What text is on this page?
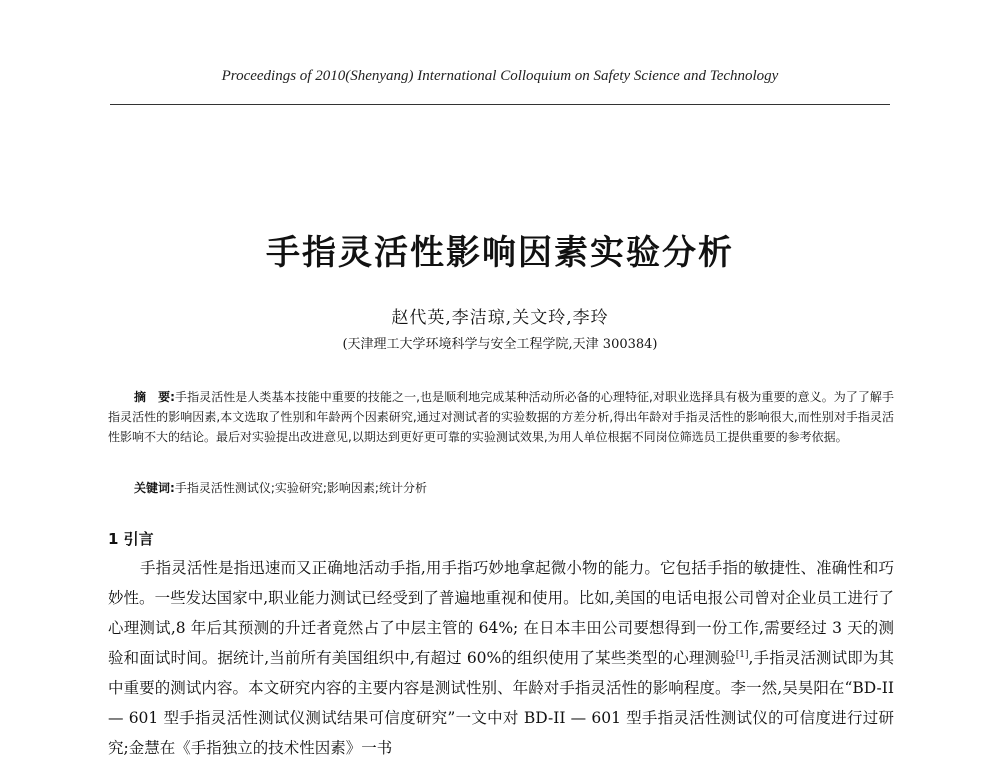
Proceedings of 2010(Shenyang) International Colloquium on Safety Science and Technology
手指灵活性影响因素实验分析
赵代英,李洁琼,关文玲,李玲
(天津理工大学环境科学与安全工程学院,天津 300384)
摘　要:手指灵活性是人类基本技能中重要的技能之一,也是顺利地完成某种活动所必备的心理特征,对职业选择具有极为重要的意义。为了了解手指灵活性的影响因素,本文选取了性别和年龄两个因素研究,通过对测试者的实验数据的方差分析,得出年龄对手指灵活性的影响很大,而性别对手指灵活性影响不大的结论。最后对实验提出改进意见,以期达到更好更可靠的实验测试效果,为用人单位根据不同岗位筛选员工提供重要的参考依据。
关键词:手指灵活性测试仪;实验研究;影响因素;统计分析
1 引言
手指灵活性是指迅速而又正确地活动手指,用手指巧妙地拿起微小物的能力。它包括手指的敏捷性、准确性和巧妙性。一些发达国家中,职业能力测试已经受到了普遍地重视和使用。比如,美国的电话电报公司曾对企业员工进行了心理测试,8 年后其预测的升迁者竟然占了中层主管的 64%; 在日本丰田公司要想得到一份工作,需要经过 3 天的测验和面试时间。据统计,当前所有美国组织中,有超过 60%的组织使用了某些类型的心理测验[1],手指灵活测试即为其中重要的测试内容。本文研究内容的主要内容是测试性别、年龄对手指灵活性的影响程度。李一然,吴昊阳在“BD-II — 601 型手指灵活性测试仪测试结果可信度研究”一文中对 BD-II — 601 型手指灵活性测试仪的可信度进行过研究;金慧在《手指独立的技术性因素》一书
